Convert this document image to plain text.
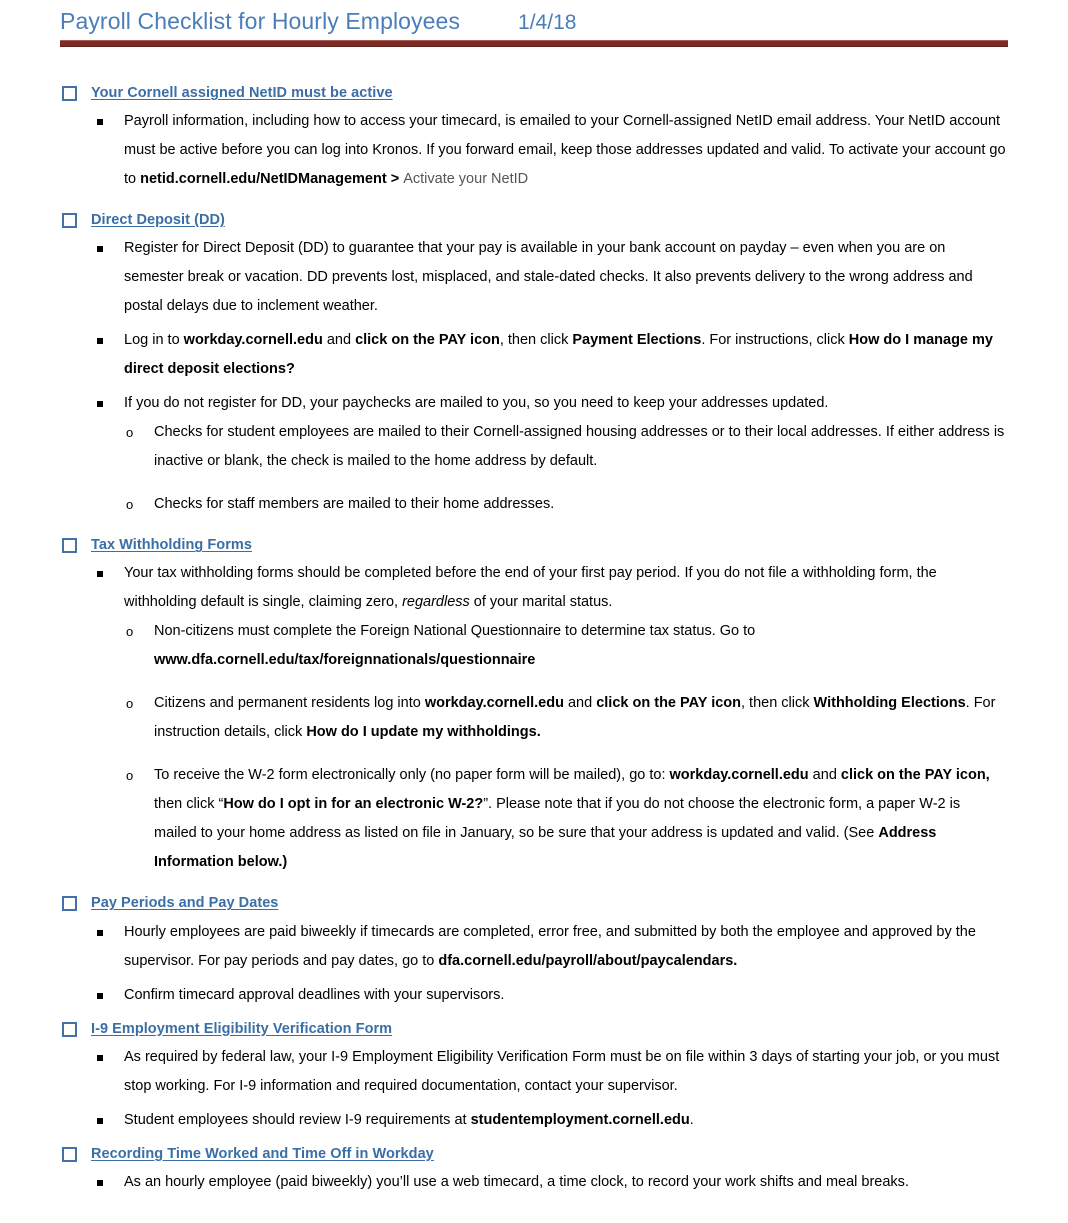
Payroll Checklist for Hourly Employees	1/4/18
Your Cornell assigned NetID must be active
Payroll information, including how to access your timecard, is emailed to your Cornell-assigned NetID email address. Your NetID account must be active before you can log into Kronos. If you forward email, keep those addresses updated and valid. To activate your account go to netid.cornell.edu/NetIDManagement > Activate your NetID
Direct Deposit (DD)
Register for Direct Deposit (DD) to guarantee that your pay is available in your bank account on payday – even when you are on semester break or vacation. DD prevents lost, misplaced, and stale-dated checks. It also prevents delivery to the wrong address and postal delays due to inclement weather.
Log in to workday.cornell.edu and click on the PAY icon, then click Payment Elections. For instructions, click How do I manage my direct deposit elections?
If you do not register for DD, your paychecks are mailed to you, so you need to keep your addresses updated.
o Checks for student employees are mailed to their Cornell-assigned housing addresses or to their local addresses. If either address is inactive or blank, the check is mailed to the home address by default.
o Checks for staff members are mailed to their home addresses.
Tax Withholding Forms
Your tax withholding forms should be completed before the end of your first pay period. If you do not file a withholding form, the withholding default is single, claiming zero, regardless of your marital status.
o Non-citizens must complete the Foreign National Questionnaire to determine tax status. Go to www.dfa.cornell.edu/tax/foreignnationals/questionnaire
o Citizens and permanent residents log into workday.cornell.edu and click on the PAY icon, then click Withholding Elections. For instruction details, click How do I update my withholdings.
o To receive the W-2 form electronically only (no paper form will be mailed), go to: workday.cornell.edu and click on the PAY icon, then click “How do I opt in for an electronic W-2?”. Please note that if you do not choose the electronic form, a paper W-2 is mailed to your home address as listed on file in January, so be sure that your address is updated and valid. (See Address Information below.)
Pay Periods and Pay Dates
Hourly employees are paid biweekly if timecards are completed, error free, and submitted by both the employee and approved by the supervisor. For pay periods and pay dates, go to dfa.cornell.edu/payroll/about/paycalendars.
Confirm timecard approval deadlines with your supervisors.
I-9 Employment Eligibility Verification Form
As required by federal law, your I-9 Employment Eligibility Verification Form must be on file within 3 days of starting your job, or you must stop working. For I-9 information and required documentation, contact your supervisor.
Student employees should review I-9 requirements at studentemployment.cornell.edu.
Recording Time Worked and Time Off in Workday
As an hourly employee (paid biweekly) you’ll use a web timecard, a time clock, to record your work shifts and meal breaks.
